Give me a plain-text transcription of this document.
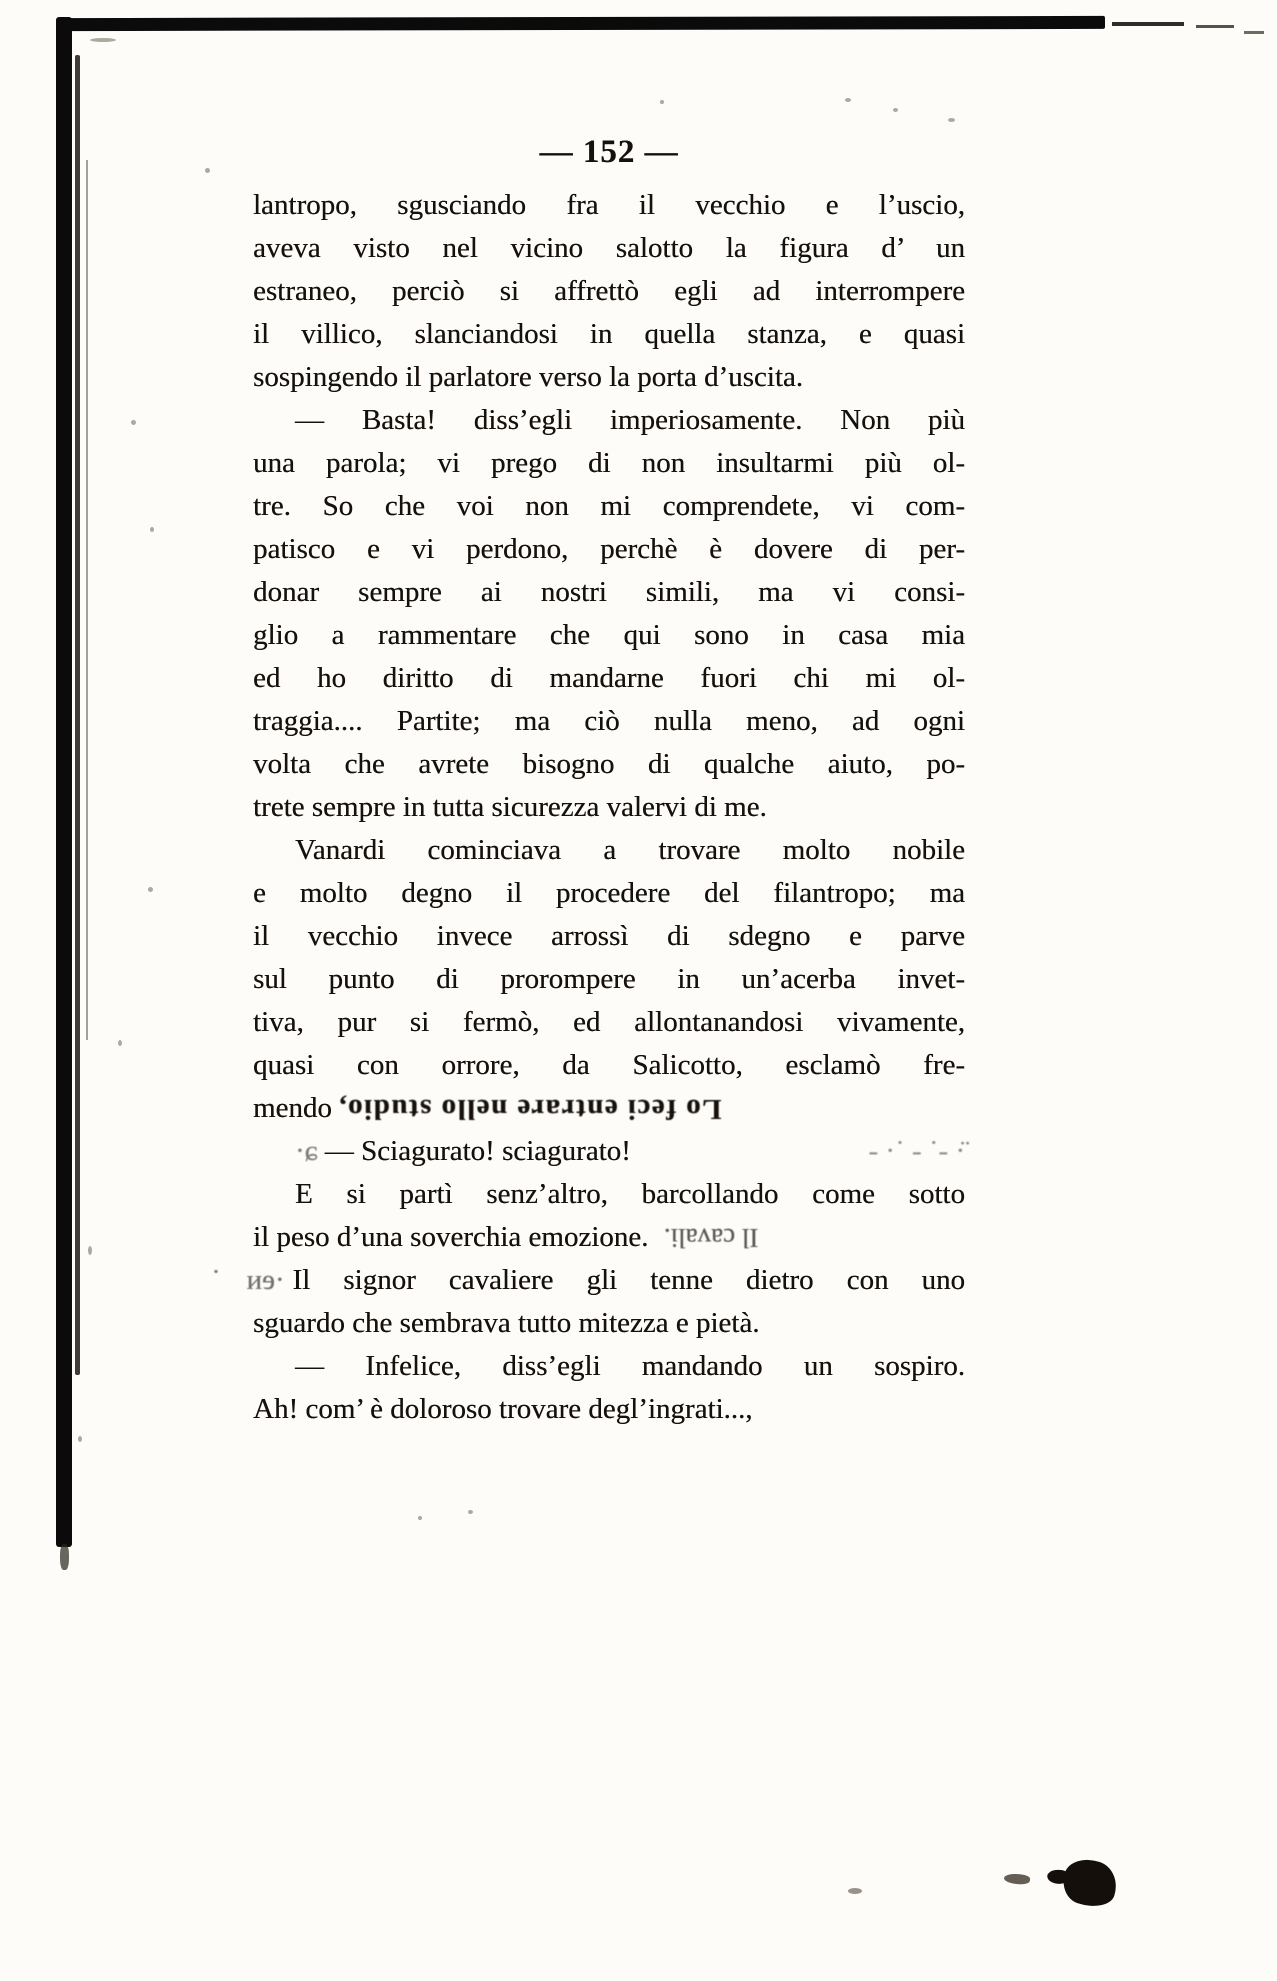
— 152 —
lantropo, sgusciando fra il vecchio e l’uscio,
aveva visto nel vicino salotto la figura d’ un
estraneo, perciò si affrettò egli ad interrompere
il villico, slanciandosi in quella stanza, e quasi
sospingendo il parlatore verso la porta d’uscita.
— Basta! diss’egli imperiosamente. Non più
una parola; vi prego di non insultarmi più ol-
tre. So che voi non mi comprendete, vi com-
patisco e vi perdono, perchè è dovere di per-
donar sempre ai nostri simili, ma vi consi-
glio a rammentare che qui sono in casa mia
ed ho diritto di mandarne fuori chi mi ol-
traggia.... Partite; ma ciò nulla meno, ad ogni
volta che avrete bisogno di qualche aiuto, po-
trete sempre in tutta sicurezza valervi di me.
Vanardi cominciava a trovare molto nobile
e molto degno il procedere del filantropo; ma
il vecchio invece arrossì di sdegno e parve
sul punto di prorompere in un’acerba invet-
tiva, pur si fermò, ed allontanandosi vivamente,
quasi con orrore, da Salicotto, esclamò fre-
mendo Lo feci entrare nello studio,
·ɕ — Sciagurato! sciagurato!	‐ ·˙ ‐ ˙‐ ·̈
E si partì senz’altro, barcollando come sotto
il peso d’una soverchia emozione. Il cavali.
˙ᴎɘ· Il signor cavaliere gli tenne dietro con uno
sguardo che sembrava tutto mitezza e pietà.
— Infelice, diss’egli mandando un sospiro.
Ah! com’ è doloroso trovare degl’ingrati...,
